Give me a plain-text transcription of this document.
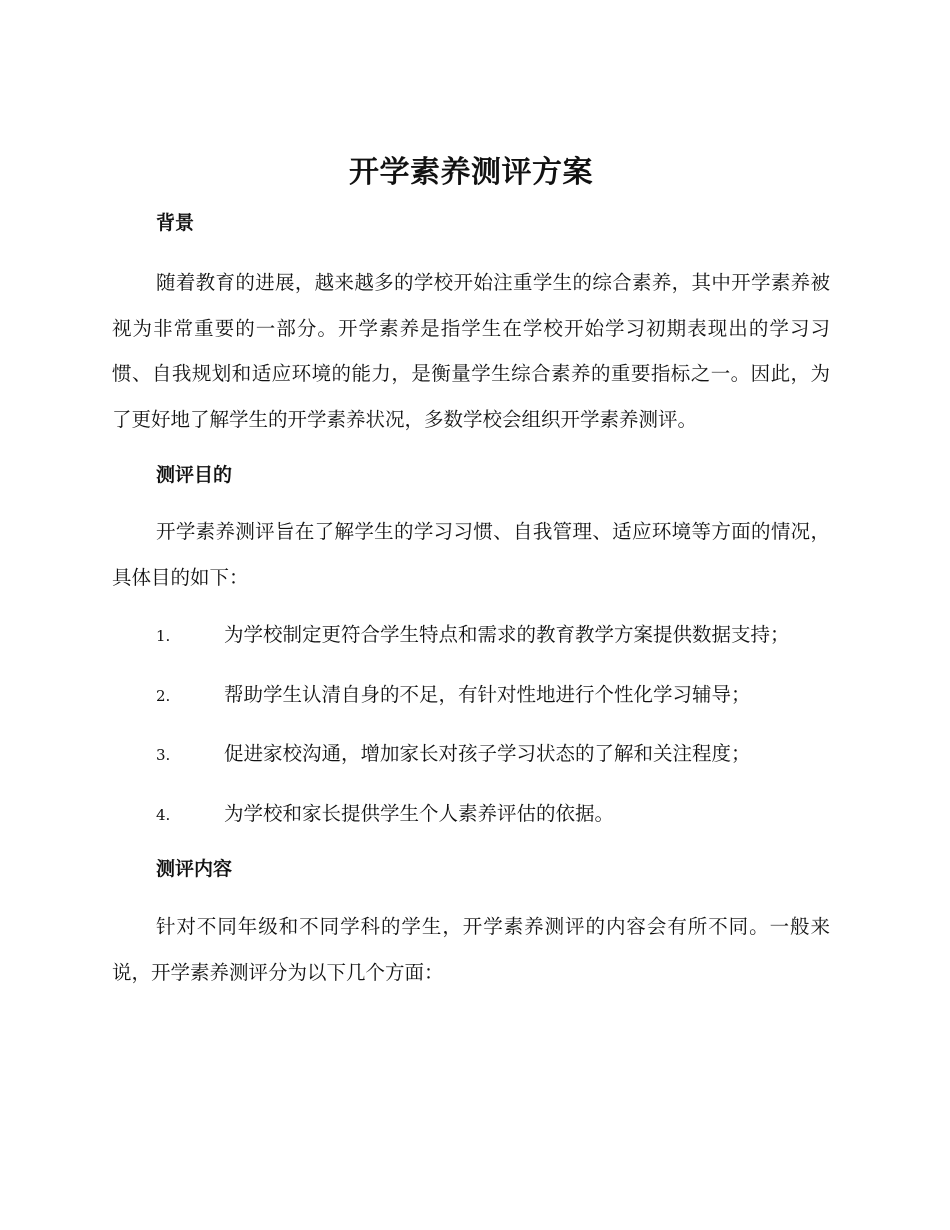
开学素养测评方案
背景

随着教育的进展，越来越多的学校开始注重学生的综合素养，其中开学素养被视为非常重要的一部分。开学素养是指学生在学校开始学习初期表现出的学习习惯、自我规划和适应环境的能力，是衡量学生综合素养的重要指标之一。因此，为了更好地了解学生的开学素养状况，多数学校会组织开学素养测评。

测评目的

开学素养测评旨在了解学生的学习习惯、自我管理、适应环境等方面的情况，具体目的如下：

1.	为学校制定更符合学生特点和需求的教育教学方案提供数据支持；

2.	帮助学生认清自身的不足，有针对性地进行个性化学习辅导；

3.	促进家校沟通，增加家长对孩子学习状态的了解和关注程度；

4.	为学校和家长提供学生个人素养评估的依据。

测评内容

针对不同年级和不同学科的学生，开学素养测评的内容会有所不同。一般来说，开学素养测评分为以下几个方面：
